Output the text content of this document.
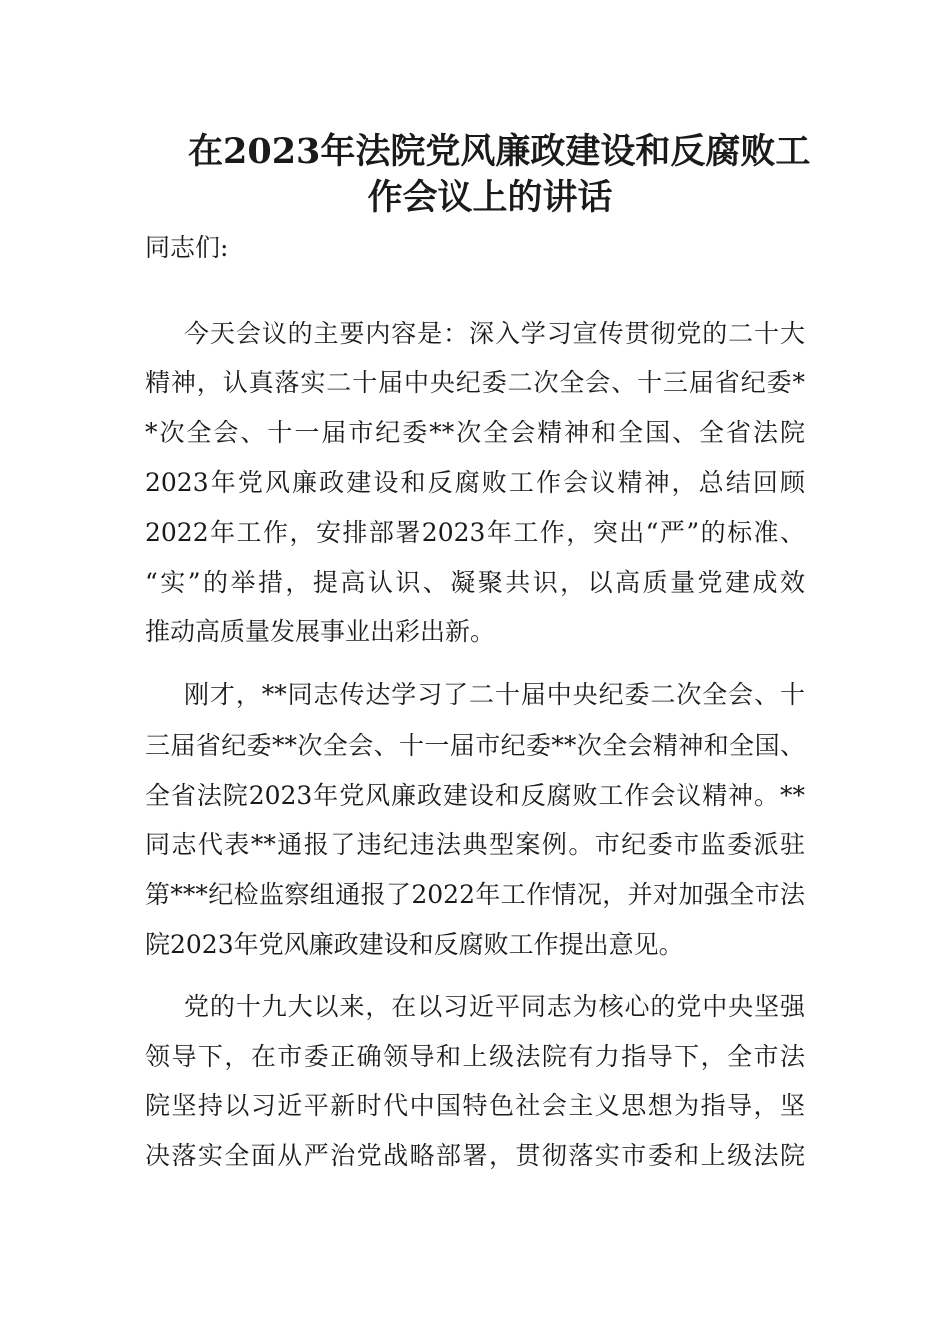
在2023年法院党风廉政建设和反腐败工
作会议上的讲话
同志们:
今天会议的主要内容是：深入学习宣传贯彻党的二十大
精神，认真落实二十届中央纪委二次全会、十三届省纪委*
*次全会、十一届市纪委**次全会精神和全国、全省法院
2023年党风廉政建设和反腐败工作会议精神，总结回顾
2022年工作，安排部署2023年工作，突出“严”的标准、
“实”的举措，提高认识、凝聚共识，以高质量党建成效
推动高质量发展事业出彩出新。
刚才，**同志传达学习了二十届中央纪委二次全会、十
三届省纪委**次全会、十一届市纪委**次全会精神和全国、
全省法院2023年党风廉政建设和反腐败工作会议精神。**
同志代表**通报了违纪违法典型案例。市纪委市监委派驻
第***纪检监察组通报了2022年工作情况，并对加强全市法
院2023年党风廉政建设和反腐败工作提出意见。
党的十九大以来，在以习近平同志为核心的党中央坚强
领导下，在市委正确领导和上级法院有力指导下，全市法
院坚持以习近平新时代中国特色社会主义思想为指导，坚
决落实全面从严治党战略部署，贯彻落实市委和上级法院
